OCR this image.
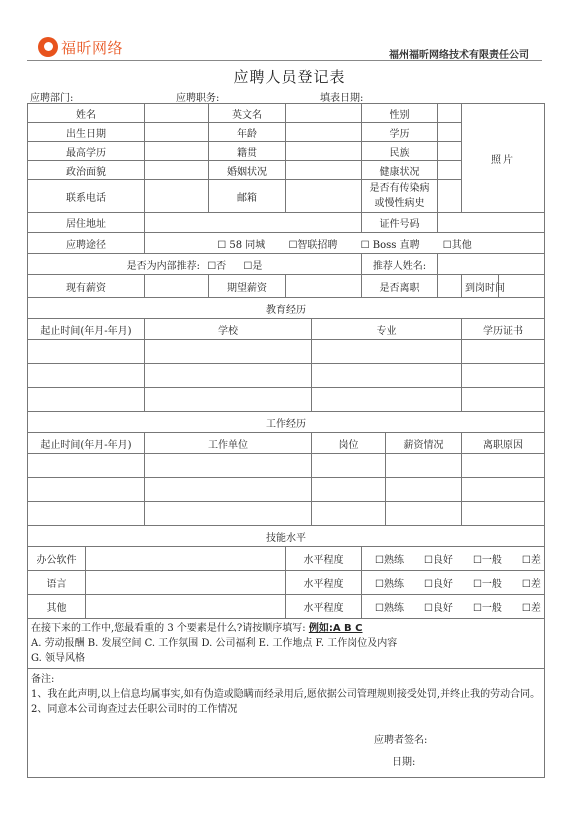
福昕网络	福州福昕网络技术有限责任公司
应聘人员登记表
应聘部门:	应聘职务:	填表日期:
姓名			英文名			性别			照片	
出生日期			年龄			学历				
最高学历			籍贯			民族				
政治面貌			婚姻状况			健康状况				
联系电话			邮箱			是否有传染病或慢性病史				
居住地址						证件号码				
应聘途径		☐ 58 同城 ☐智联招聘 ☐ Boss 直聘 ☐其他								
是否为内部推荐: ☐否 ☐是						推荐人姓名:				
现有薪资			期望薪资			是否离职			到岗时间	
教育经历										
起止时间(年月-年月)		学校			专业				学历证书	

工作经历										
起止时间(年月-年月)		工作单位			岗位		薪资情况		离职原因	

技能水平										
办公软件				水平程度		☐熟练 ☐良好 ☐一般 ☐差				
语言				水平程度		☐熟练 ☐良好 ☐一般 ☐差				
其他				水平程度		☐熟练 ☐良好 ☐一般 ☐差				
在接下来的工作中,您最看重的 3 个要素是什么?请按顺序填写: 例如:A B C
A. 劳动报酬 B. 发展空间 C. 工作氛围 D. 公司福利 E. 工作地点 F. 工作岗位及内容
G. 领导风格										

备注:
1、我在此声明,以上信息均属事实,如有伪造或隐瞒而经录用后,愿依据公司管理规则接受处罚,并终止我的劳动合同。
2、同意本公司询查过去任职公司时的工作情况
应聘者签名:
日期:										
